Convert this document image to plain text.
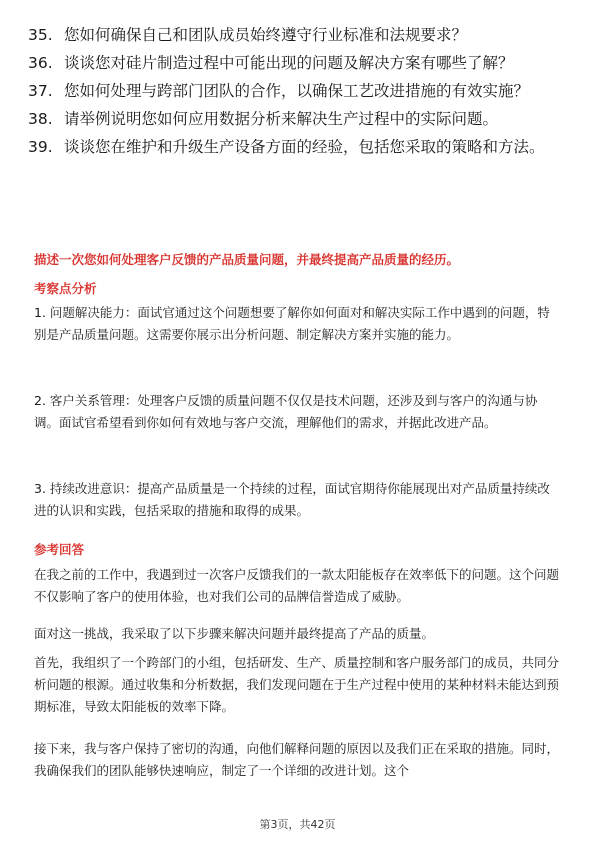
35. 您如何确保自己和团队成员始终遵守行业标准和法规要求？
36. 谈谈您对硅片制造过程中可能出现的问题及解决方案有哪些了解？
37. 您如何处理与跨部门团队的合作，以确保工艺改进措施的有效实施？
38. 请举例说明您如何应用数据分析来解决生产过程中的实际问题。
39. 谈谈您在维护和升级生产设备方面的经验，包括您采取的策略和方法。
描述一次您如何处理客户反馈的产品质量问题，并最终提高产品质量的经历。
考察点分析
1. 问题解决能力：面试官通过这个问题想要了解你如何面对和解决实际工作中遇到的问题，特别是产品质量问题。这需要你展示出分析问题、制定解决方案并实施的能力。
2. 客户关系管理：处理客户反馈的质量问题不仅仅是技术问题，还涉及到与客户的沟通与协调。面试官希望看到你如何有效地与客户交流，理解他们的需求，并据此改进产品。
3. 持续改进意识：提高产品质量是一个持续的过程，面试官期待你能展现出对产品质量持续改进的认识和实践，包括采取的措施和取得的成果。
参考回答
在我之前的工作中，我遇到过一次客户反馈我们的一款太阳能板存在效率低下的问题。这个问题不仅影响了客户的使用体验，也对我们公司的品牌信誉造成了威胁。
面对这一挑战，我采取了以下步骤来解决问题并最终提高了产品的质量。
首先，我组织了一个跨部门的小组，包括研发、生产、质量控制和客户服务部门的成员，共同分析问题的根源。通过收集和分析数据，我们发现问题在于生产过程中使用的某种材料未能达到预期标准，导致太阳能板的效率下降。
接下来，我与客户保持了密切的沟通，向他们解释问题的原因以及我们正在采取的措施。同时，我确保我们的团队能够快速响应，制定了一个详细的改进计划。这个
第3页，共42页
